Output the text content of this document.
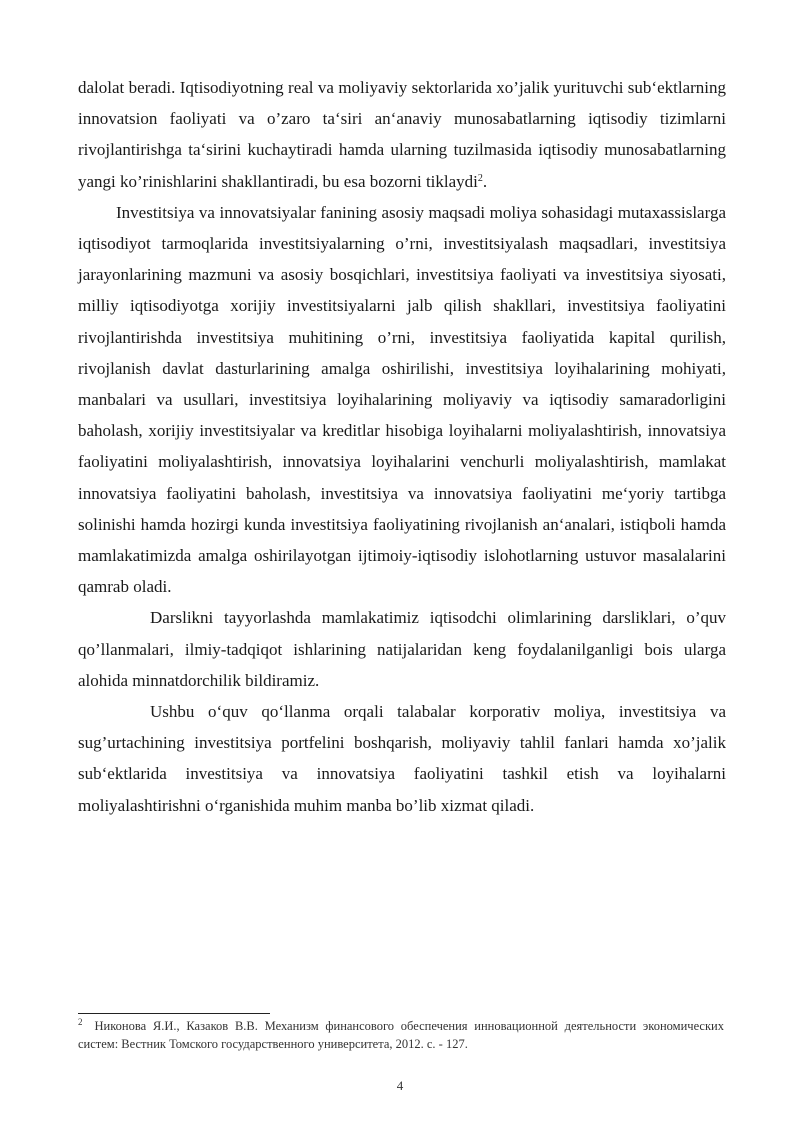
dalolat beradi. Iqtisodiyotning real va moliyaviy sektorlarida xo’jalik yurituvchi sub‘ektlarning innovatsion faoliyati va o’zaro ta‘siri an‘anaviy munosabatlarning iqtisodiy tizimlarni rivojlantirishga ta‘sirini kuchaytiradi hamda ularning tuzilmasida iqtisodiy munosabatlarning yangi ko’rinishlarini shakllantiradi, bu esa bozorni tiklaydi$^2$.

Investitsiya va innovatsiyalar fanining asosiy maqsadi moliya sohasidagi mutaxassislarga iqtisodiyot tarmoqlarida investitsiyalarning o’rni, investitsiyalash maqsadlari, investitsiya jarayonlarining mazmuni va asosiy bosqichlari, investitsiya faoliyati va investitsiya siyosati, milliy iqtisodiyotga xorijiy investitsiyalarni jalb qilish shakllari, investitsiya faoliyatini rivojlantirishda investitsiya muhitining o’rni, investitsiya faoliyatida kapital qurilish, rivojlanish davlat dasturlarining amalga oshirilishi, investitsiya loyihalarining mohiyati, manbalari va usullari, investitsiya loyihalarining moliyaviy va iqtisodiy samaradorligini baholash, xorijiy investitsiyalar va kreditlar hisobiga loyihalarni moliyalashtirish, innovatsiya faoliyatini moliyalashtirish, innovatsiya loyihalarini venchurli moliyalashtirish, mamlakat innovatsiya faoliyatini baholash, investitsiya va innovatsiya faoliyatini me‘yoriy tartibga solinishi hamda hozirgi kunda investitsiya faoliyatining rivojlanish an‘analari, istiqboli hamda mamlakatimizda amalga oshirilayotgan ijtimoiy-iqtisodiy islohotlarning ustuvor masalalarini qamrab oladi.

Darslikni tayyorlashda mamlakatimiz iqtisodchi olimlarining darsliklari, o’quv qo’llanmalari, ilmiy-tadqiqot ishlarining natijalaridan keng foydalanilganligi bois ularga alohida minnatdorchilik bildiramiz.

Ushbu o‘quv qo‘llanma orqali talabalar korporativ moliya, investitsiya va sug’urtachining investitsiya portfelini boshqarish, moliyaviy tahlil fanlari hamda xo’jalik sub‘ektlarida investitsiya va innovatsiya faoliyatini tashkil etish va loyihalarni moliyalashtirishni o‘rganishida muhim manba bo’lib xizmat qiladi.

$^2$ Никонова Я.И., Казаков В.В. Механизм финансового обеспечения инновационной деятельности экономических систем: Вестник Томского государственного университета, 2012. с. - 127.
4
